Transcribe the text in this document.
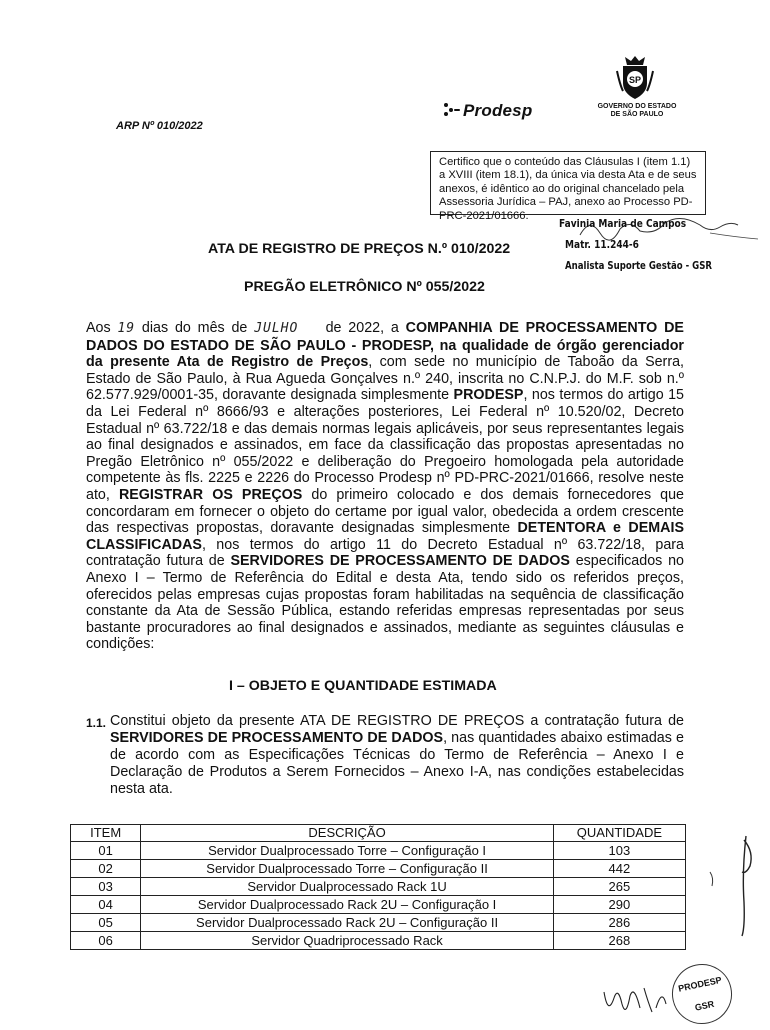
ARP Nº 010/2022
Prodesp
SP
GOVERNO DO ESTADO
DE SÃO PAULO
Certifico que o conteúdo das Cláusulas I (item 1.1) a XVIII (item 18.1), da única via desta Ata e de seus anexos, é idêntico ao do original chancelado pela Assessoria Jurídica – PAJ, anexo ao Processo PD-PRC-2021/01666.
Favinia Maria de Campos
Matr. 11.244-6
Analista Suporte Gestão - GSR
ATA DE REGISTRO DE PREÇOS N.º 010/2022
PREGÃO ELETRÔNICO Nº 055/2022
Aos 19 dias do mês de JULHO de 2022, a COMPANHIA DE PROCESSAMENTO DE DADOS DO ESTADO DE SÃO PAULO - PRODESP, na qualidade de órgão gerenciador da presente Ata de Registro de Preços, com sede no município de Taboão da Serra, Estado de São Paulo, à Rua Agueda Gonçalves n.º 240, inscrita no C.N.P.J. do M.F. sob n.º 62.577.929/0001-35, doravante designada simplesmente PRODESP, nos termos do artigo 15 da Lei Federal nº 8666/93 e alterações posteriores, Lei Federal nº 10.520/02, Decreto Estadual nº 63.722/18 e das demais normas legais aplicáveis, por seus representantes legais ao final designados e assinados, em face da classificação das propostas apresentadas no Pregão Eletrônico nº 055/2022 e deliberação do Pregoeiro homologada pela autoridade competente às fls. 2225 e 2226 do Processo Prodesp nº PD-PRC-2021/01666, resolve neste ato, REGISTRAR OS PREÇOS do primeiro colocado e dos demais fornecedores que concordaram em fornecer o objeto do certame por igual valor, obedecida a ordem crescente das respectivas propostas, doravante designadas simplesmente DETENTORA e DEMAIS CLASSIFICADAS, nos termos do artigo 11 do Decreto Estadual nº 63.722/18, para contratação futura de SERVIDORES DE PROCESSAMENTO DE DADOS especificados no Anexo I – Termo de Referência do Edital e desta Ata, tendo sido os referidos preços, oferecidos pelas empresas cujas propostas foram habilitadas na sequência de classificação constante da Ata de Sessão Pública, estando referidas empresas representadas por seus bastante procuradores ao final designados e assinados, mediante as seguintes cláusulas e condições:
I – OBJETO E QUANTIDADE ESTIMADA
1.1. Constitui objeto da presente ATA DE REGISTRO DE PREÇOS a contratação futura de SERVIDORES DE PROCESSAMENTO DE DADOS, nas quantidades abaixo estimadas e de acordo com as Especificações Técnicas do Termo de Referência – Anexo I e Declaração de Produtos a Serem Fornecidos – Anexo I-A, nas condições estabelecidas nesta ata.
ITEM	DESCRIÇÃO	QUANTIDADE
01	Servidor Dualprocessado Torre – Configuração I	103
02	Servidor Dualprocessado Torre – Configuração II	442
03	Servidor Dualprocessado Rack 1U	265
04	Servidor Dualprocessado Rack 2U – Configuração I	290
05	Servidor Dualprocessado Rack 2U – Configuração II	286
06	Servidor Quadriprocessado Rack	268
PRODESP GSR
